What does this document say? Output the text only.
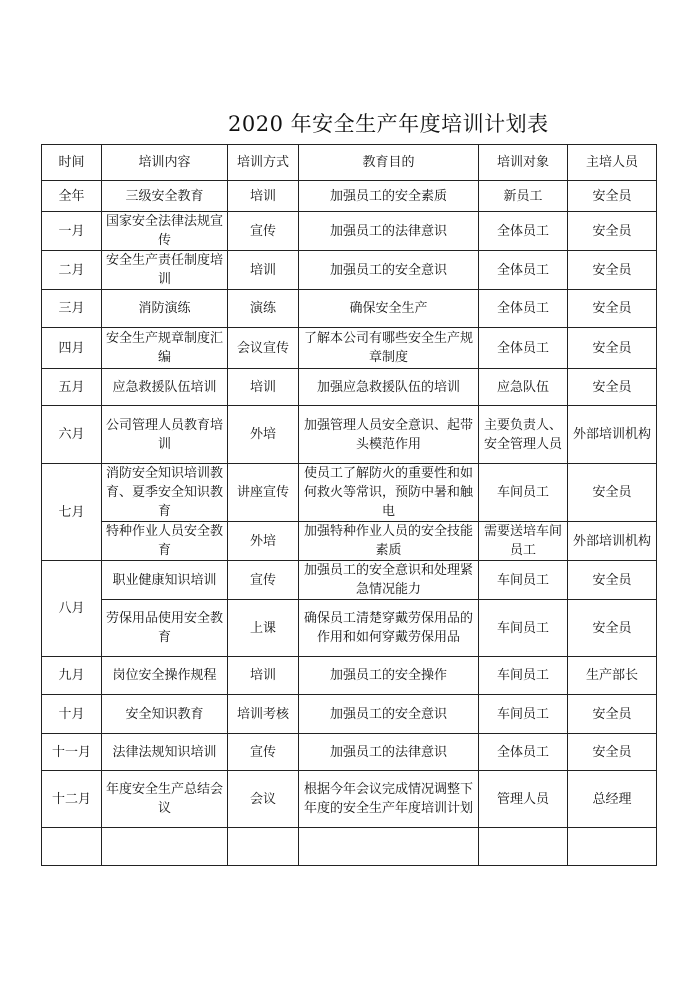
2020 年安全生产年度培训计划表
时间	培训内容	培训方式	教育目的	培训对象	主培人员
全年	三级安全教育	培训	加强员工的安全素质	新员工	安全员
一月	国家安全法律法规宣传	宣传	加强员工的法律意识	全体员工	安全员
二月	安全生产责任制度培训	培训	加强员工的安全意识	全体员工	安全员
三月	消防演练	演练	确保安全生产	全体员工	安全员
四月	安全生产规章制度汇编	会议宣传	了解本公司有哪些安全生产规章制度	全体员工	安全员
五月	应急救援队伍培训	培训	加强应急救援队伍的培训	应急队伍	安全员
六月	公司管理人员教育培训	外培	加强管理人员安全意识、起带头模范作用	主要负责人、安全管理人员	外部培训机构
七月	消防安全知识培训教育、夏季安全知识教育	讲座宣传	使员工了解防火的重要性和如何救火等常识，预防中暑和触电	车间员工	安全员
	特种作业人员安全教育	外培	加强特种作业人员的安全技能素质	需要送培车间员工	外部培训机构
八月	职业健康知识培训	宣传	加强员工的安全意识和处理紧急情况能力	车间员工	安全员
	劳保用品使用安全教育	上课	确保员工清楚穿戴劳保用品的作用和如何穿戴劳保用品	车间员工	安全员
九月	岗位安全操作规程	培训	加强员工的安全操作	车间员工	生产部长
十月	安全知识教育	培训考核	加强员工的安全意识	车间员工	安全员
十一月	法律法规知识培训	宣传	加强员工的法律意识	全体员工	安全员
十二月	年度安全生产总结会议	会议	根据今年会议完成情况调整下年度的安全生产年度培训计划	管理人员	总经理
